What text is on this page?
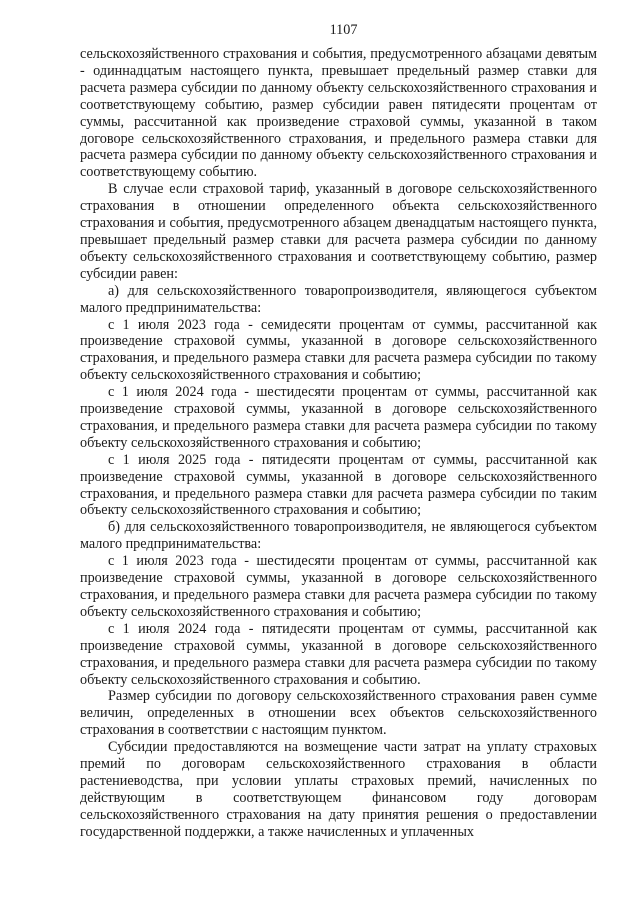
1107

сельскохозяйственного страхования и события, предусмотренного абзацами девятым - одиннадцатым настоящего пункта, превышает предельный размер ставки для расчета размера субсидии по данному объекту сельскохозяйственного страхования и соответствующему событию, размер субсидии равен пятидесяти процентам от суммы, рассчитанной как произведение страховой суммы, указанной в таком договоре сельскохозяйственного страхования, и предельного размера ставки для расчета размера субсидии по данному объекту сельскохозяйственного страхования и соответствующему событию.

В случае если страховой тариф, указанный в договоре сельскохозяйственного страхования в отношении определенного объекта сельскохозяйственного страхования и события, предусмотренного абзацем двенадцатым настоящего пункта, превышает предельный размер ставки для расчета размера субсидии по данному объекту сельскохозяйственного страхования и соответствующему событию, размер субсидии равен:

а) для сельскохозяйственного товаропроизводителя, являющегося субъектом малого предпринимательства:

с 1 июля 2023 года - семидесяти процентам от суммы, рассчитанной как произведение страховой суммы, указанной в договоре сельскохозяйственного страхования, и предельного размера ставки для расчета размера субсидии по такому объекту сельскохозяйственного страхования и событию;

с 1 июля 2024 года - шестидесяти процентам от суммы, рассчитанной как произведение страховой суммы, указанной в договоре сельскохозяйственного страхования, и предельного размера ставки для расчета размера субсидии по такому объекту сельскохозяйственного страхования и событию;

с 1 июля 2025 года - пятидесяти процентам от суммы, рассчитанной как произведение страховой суммы, указанной в договоре сельскохозяйственного страхования, и предельного размера ставки для расчета размера субсидии по таким объекту сельскохозяйственного страхования и событию;

б) для сельскохозяйственного товаропроизводителя, не являющегося субъектом малого предпринимательства:

с 1 июля 2023 года - шестидесяти процентам от суммы, рассчитанной как произведение страховой суммы, указанной в договоре сельскохозяйственного страхования, и предельного размера ставки для расчета размера субсидии по такому объекту сельскохозяйственного страхования и событию;

с 1 июля 2024 года - пятидесяти процентам от суммы, рассчитанной как произведение страховой суммы, указанной в договоре сельскохозяйственного страхования, и предельного размера ставки для расчета размера субсидии по такому объекту сельскохозяйственного страхования и событию.

Размер субсидии по договору сельскохозяйственного страхования равен сумме величин, определенных в отношении всех объектов сельскохозяйственного страхования в соответствии с настоящим пунктом.

Субсидии предоставляются на возмещение части затрат на уплату страховых премий по договорам сельскохозяйственного страхования в области растениеводства, при условии уплаты страховых премий, начисленных по действующим в соответствующем финансовом году договорам сельскохозяйственного страхования на дату принятия решения о предоставлении государственной поддержки, а также начисленных и уплаченных
